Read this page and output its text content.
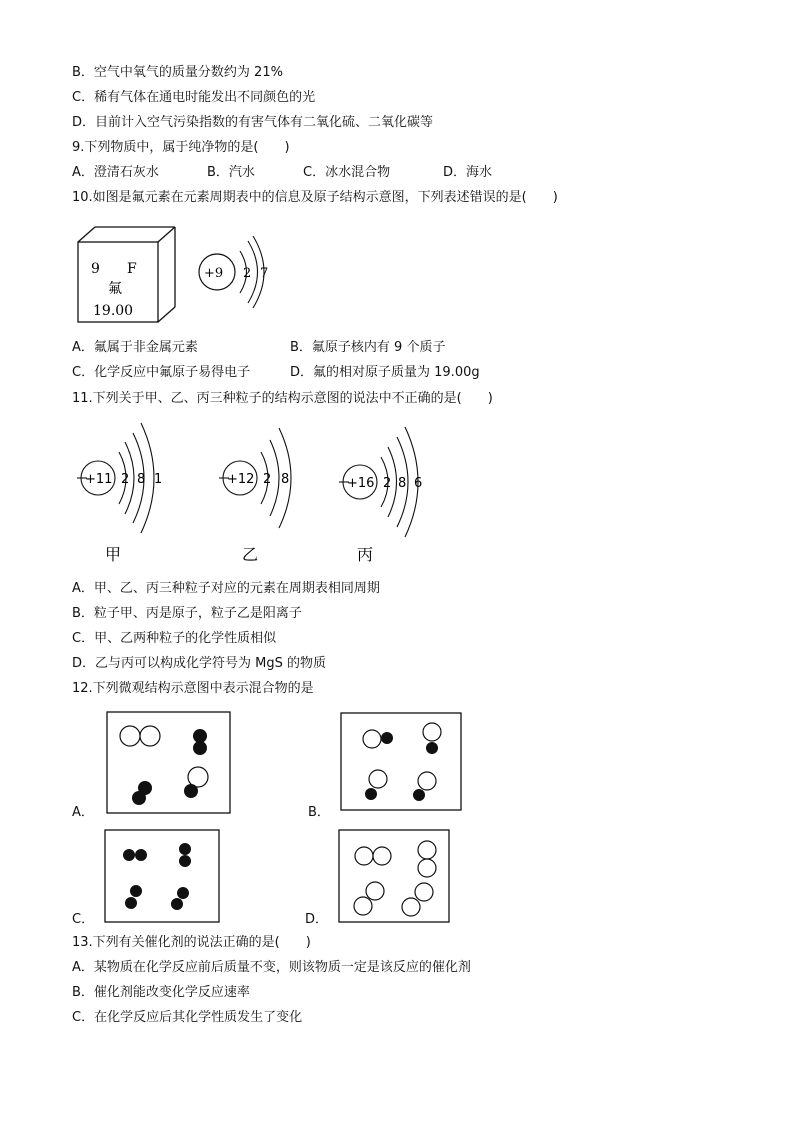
B．空气中氧气的质量分数约为 21%
C．稀有气体在通电时能发出不同颜色的光
D．目前计入空气污染指数的有害气体有二氧化硫、二氧化碳等
9.下列物质中，属于纯净物的是(　　)
A．澄清石灰水	B．汽水	C．冰水混合物	D．海水
10.如图是氟元素在元素周期表中的信息及原子结构示意图，下列表述错误的是(　　)
9 F
氟
19.00
+9 2 7
A．氟属于非金属元素	B．氟原子核内有 9 个质子
C．化学反应中氟原子易得电子	D．氟的相对原子质量为 19.00g
11.下列关于甲、乙、丙三种粒子的结构示意图的说法中不正确的是(　　)
+11 2 8 1
甲
+12 2 8
乙
+16 2 8 6
丙
A．甲、乙、丙三种粒子对应的元素在周期表相同周期
B．粒子甲、丙是原子，粒子乙是阳离子
C．甲、乙两种粒子的化学性质相似
D．乙与丙可以构成化学符号为 MgS 的物质
12.下列微观结构示意图中表示混合物的是
A．	B．
C．	D．
13.下列有关催化剂的说法正确的是(　　)
A．某物质在化学反应前后质量不变，则该物质一定是该反应的催化剂
B．催化剂能改变化学反应速率
C．在化学反应后其化学性质发生了变化
